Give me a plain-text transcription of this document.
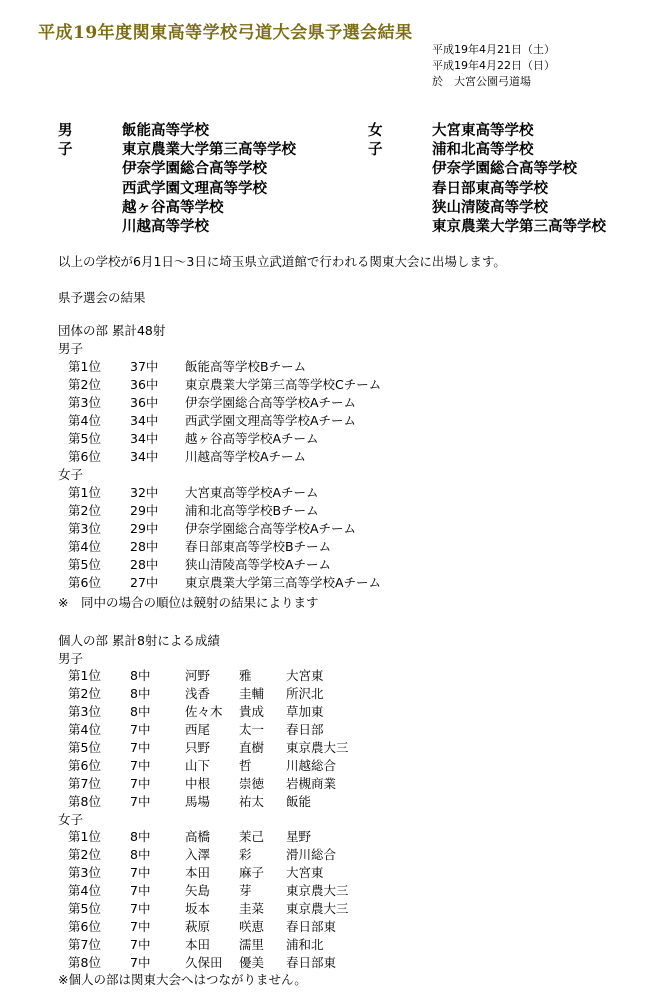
平成19年度関東高等学校弓道大会県予選会結果
平成19年4月21日（土）
平成19年4月22日（日）
於　大宮公園弓道場
男子
飯能高等学校
東京農業大学第三高等学校
伊奈学園総合高等学校
西武学園文理高等学校
越ヶ谷高等学校
川越高等学校
女子
大宮東高等学校
浦和北高等学校
伊奈学園総合高等学校
春日部東高等学校
狭山清陵高等学校
東京農業大学第三高等学校
以上の学校が6月1日～3日に埼玉県立武道館で行われる関東大会に出場します。
県予選会の結果
団体の部 累計48射
男子
第1位 37中 飯能高等学校Bチーム
第2位 36中 東京農業大学第三高等学校Cチーム
第3位 36中 伊奈学園総合高等学校Aチーム
第4位 34中 西武学園文理高等学校Aチーム
第5位 34中 越ヶ谷高等学校Aチーム
第6位 34中 川越高等学校Aチーム
女子
第1位 32中 大宮東高等学校Aチーム
第2位 29中 浦和北高等学校Bチーム
第3位 29中 伊奈学園総合高等学校Aチーム
第4位 28中 春日部東高等学校Bチーム
第5位 28中 狭山清陵高等学校Aチーム
第6位 27中 東京農業大学第三高等学校Aチーム
※　同中の場合の順位は競射の結果によります
個人の部 累計8射による成績
男子
第1位 8中	河野 雅	大宮東
第2位 8中	浅香 圭輔 所沢北
第3位 8中	佐々木 貴成 草加東
第4位 7中	西尾 太一 春日部
第5位 7中	只野 直樹 東京農大三
第6位 7中	山下 哲	川越総合
第7位 7中	中根 崇徳 岩槻商業
第8位 7中	馬場 祐太 飯能
女子
第1位 8中	高橋 茉己 星野
第2位 8中	入澤 彩	滑川総合
第3位 7中	本田 麻子 大宮東
第4位 7中	矢島 芽	東京農大三
第5位 7中	坂本 圭菜 東京農大三
第6位 7中	萩原 咲恵 春日部東
第7位 7中	本田 濡里 浦和北
第8位 7中	久保田 優美 春日部東
※個人の部は関東大会へはつながりません。
